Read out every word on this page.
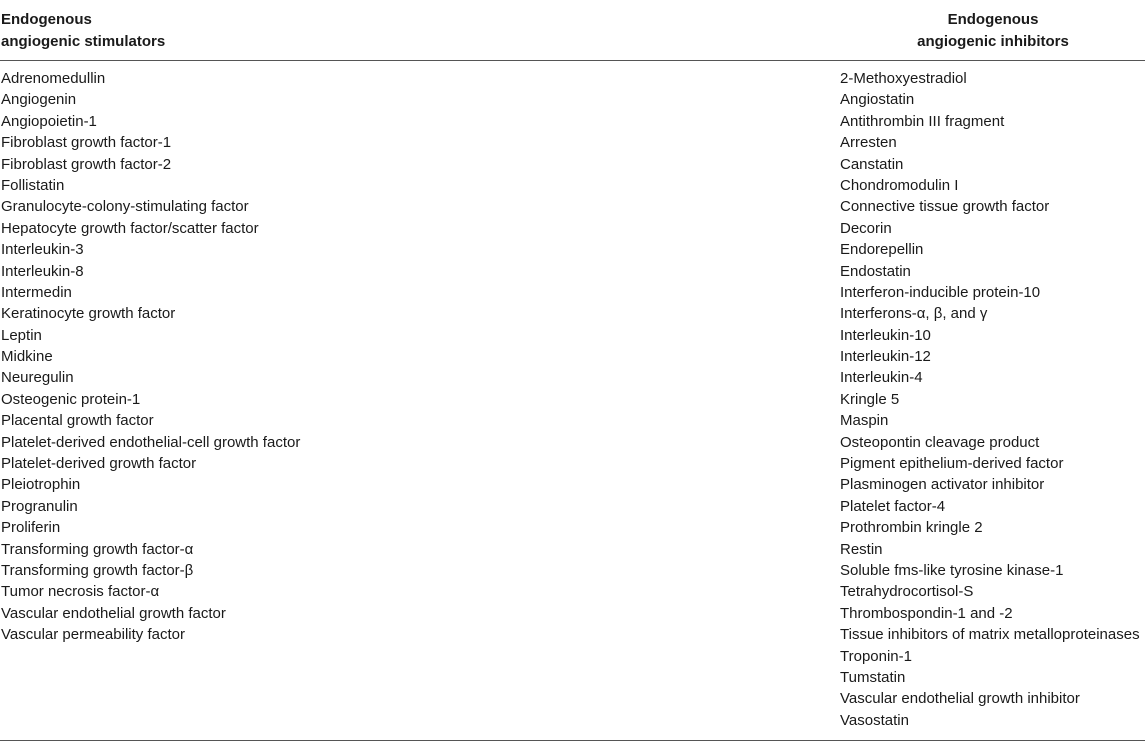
Endogenous
angiogenic stimulators
Endogenous
angiogenic inhibitors
Adrenomedullin
Angiogenin
Angiopoietin-1
Fibroblast growth factor-1
Fibroblast growth factor-2
Follistatin
Granulocyte-colony-stimulating factor
Hepatocyte growth factor/scatter factor
Interleukin-3
Interleukin-8
Intermedin
Keratinocyte growth factor
Leptin
Midkine
Neuregulin
Osteogenic protein-1
Placental growth factor
Platelet-derived endothelial-cell growth factor
Platelet-derived growth factor
Pleiotrophin
Progranulin
Proliferin
Transforming growth factor-α
Transforming growth factor-β
Tumor necrosis factor-α
Vascular endothelial growth factor
Vascular permeability factor
2-Methoxyestradiol
Angiostatin
Antithrombin III fragment
Arresten
Canstatin
Chondromodulin I
Connective tissue growth factor
Decorin
Endorepellin
Endostatin
Interferon-inducible protein-10
Interferons-α, β, and γ
Interleukin-10
Interleukin-12
Interleukin-4
Kringle 5
Maspin
Osteopontin cleavage product
Pigment epithelium-derived factor
Plasminogen activator inhibitor
Platelet factor-4
Prothrombin kringle 2
Restin
Soluble fms-like tyrosine kinase-1
Tetrahydrocortisol-S
Thrombospondin-1 and -2
Tissue inhibitors of matrix metalloproteinases
Troponin-1
Tumstatin
Vascular endothelial growth inhibitor
Vasostatin
